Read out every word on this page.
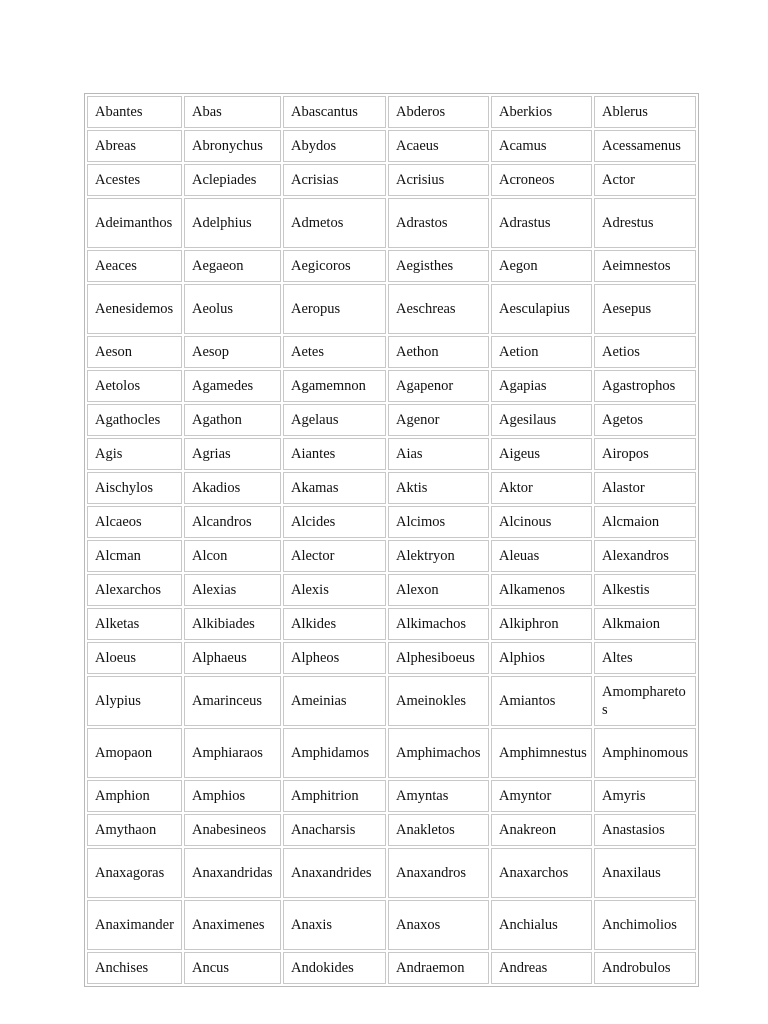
Abantes	Abas	Abascantus	Abderos	Aberkios	Ablerus
Abreas	Abronychus	Abydos	Acaeus	Acamus	Acessamenus
Acestes	Aclepiades	Acrisias	Acrisius	Acroneos	Actor
Adeimanthos	Adelphius	Admetos	Adrastos	Adrastus	Adrestus
Aeaces	Aegaeon	Aegicoros	Aegisthes	Aegon	Aeimnestos
Aenesidemos	Aeolus	Aeropus	Aeschreas	Aesculapius	Aesepus
Aeson	Aesop	Aetes	Aethon	Aetion	Aetios
Aetolos	Agamedes	Agamemnon	Agapenor	Agapias	Agastrophos
Agathocles	Agathon	Agelaus	Agenor	Agesilaus	Agetos
Agis	Agrias	Aiantes	Aias	Aigeus	Airopos
Aischylos	Akadios	Akamas	Aktis	Aktor	Alastor
Alcaeos	Alcandros	Alcides	Alcimos	Alcinous	Alcmaion
Alcman	Alcon	Alector	Alektryon	Aleuas	Alexandros
Alexarchos	Alexias	Alexis	Alexon	Alkamenos	Alkestis
Alketas	Alkibiades	Alkides	Alkimachos	Alkiphron	Alkmaion
Aloeus	Alphaeus	Alpheos	Alphesiboeus	Alphios	Altes
Alypius	Amarinceus	Ameinias	Ameinokles	Amiantos	Amompharetos
Amopaon	Amphiaraos	Amphidamos	Amphimachos	Amphimnestus	Amphinomous
Amphion	Amphios	Amphitrion	Amyntas	Amyntor	Amyris
Amythaon	Anabesineos	Anacharsis	Anakletos	Anakreon	Anastasios
Anaxagoras	Anaxandridas	Anaxandrides	Anaxandros	Anaxarchos	Anaxilaus
Anaximander	Anaximenes	Anaxis	Anaxos	Anchialus	Anchimolios
Anchises	Ancus	Andokides	Andraemon	Andreas	Androbulos
